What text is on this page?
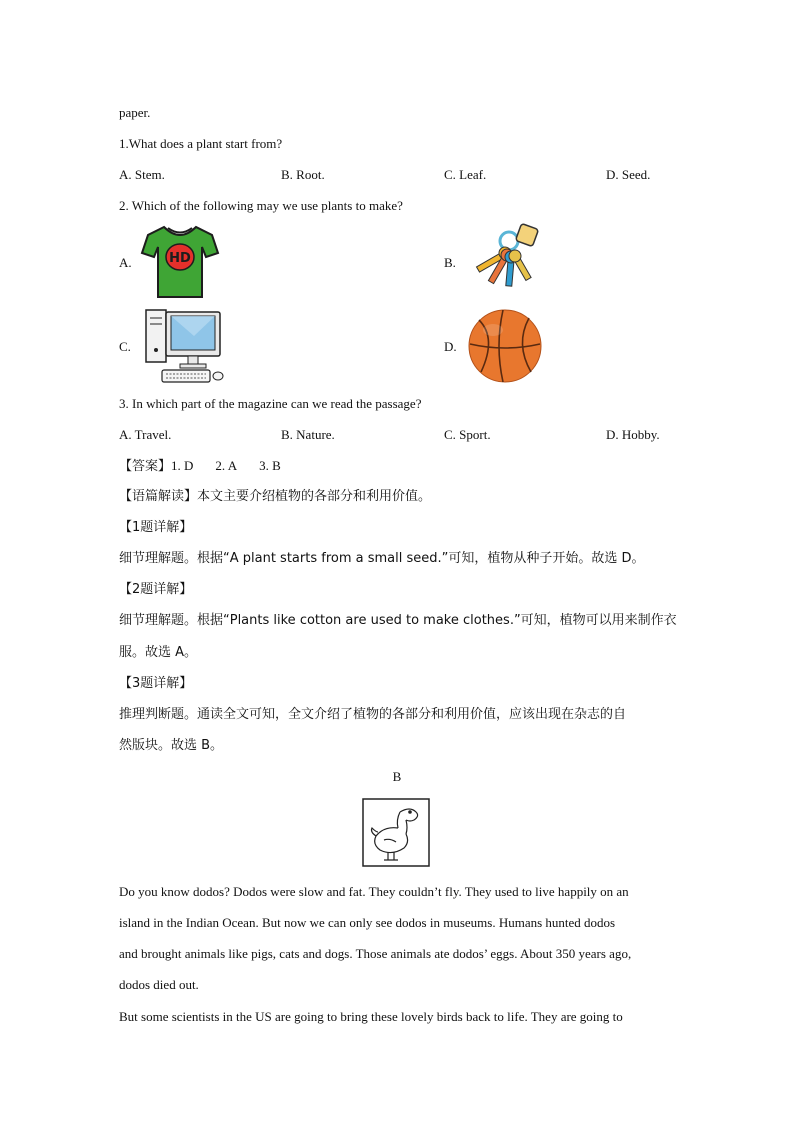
paper.
1.What does a plant start from?
A. Stem.	B. Root.	C. Leaf.	D. Seed.
2. Which of the following may we use plants to make?
A.	HD	B.
C.	D.
3. In which part of the magazine can we read the passage?
A. Travel.	B. Nature.	C. Sport.	D. Hobby.
【答案】1. D 2. A 3. B
【语篇解读】本文主要介绍植物的各部分和利用价值。
【1题详解】
细节理解题。根据“A plant starts from a small seed.”可知，植物从种子开始。故选 D。
【2题详解】
细节理解题。根据“Plants like cotton are used to make clothes.”可知，植物可以用来制作衣
服。故选 A。
【3题详解】
推理判断题。通读全文可知，全文介绍了植物的各部分和利用价值，应该出现在杂志的自
然版块。故选 B。
B
Do you know dodos? Dodos were slow and fat. They couldn’t fly. They used to live happily on an
island in the Indian Ocean. But now we can only see dodos in museums. Humans hunted dodos
and brought animals like pigs, cats and dogs. Those animals ate dodos’ eggs. About 350 years ago,
dodos died out.
But some scientists in the US are going to bring these lovely birds back to life. They are going to
